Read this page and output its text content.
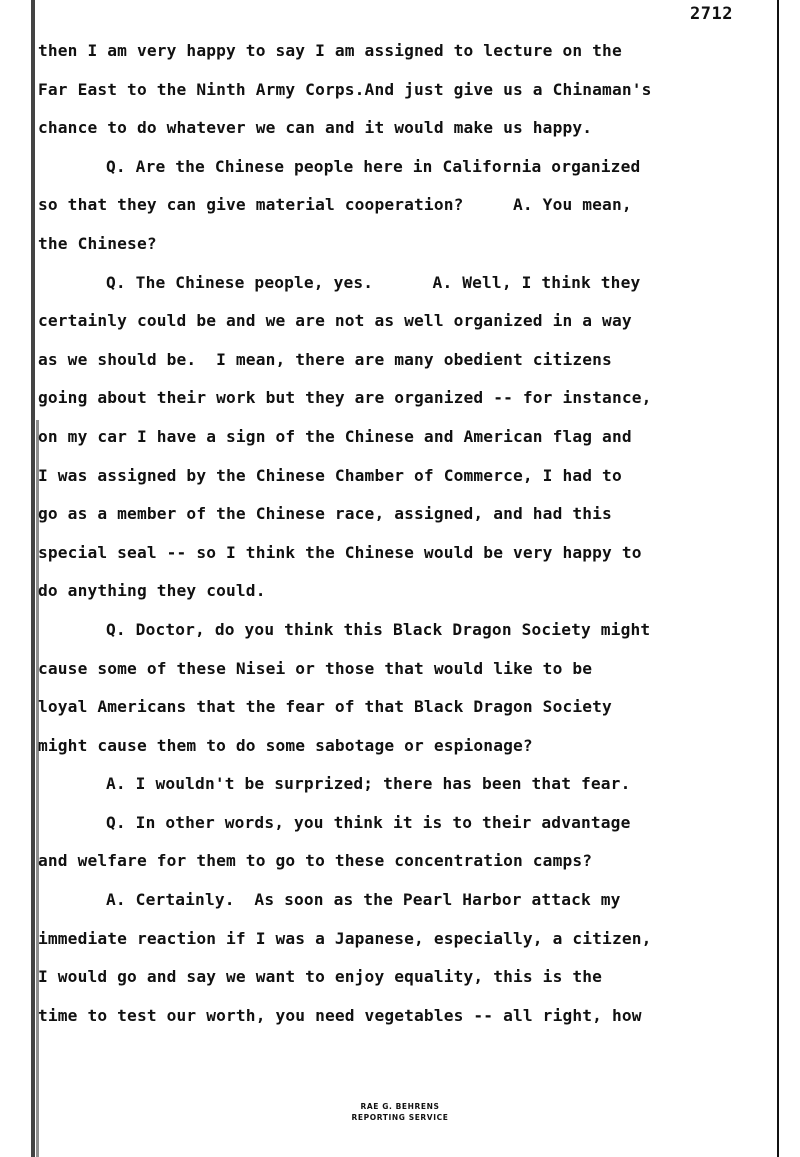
2712
then I am very happy to say I am assigned to lecture on the
Far East to the Ninth Army Corps.And just give us a Chinaman's
chance to do whatever we can and it would make us happy.
Q. Are the Chinese people here in California organized
so that they can give material cooperation?     A. You mean,
the Chinese?
Q. The Chinese people, yes.      A. Well, I think they
certainly could be and we are not as well organized in a way
as we should be.  I mean, there are many obedient citizens
going about their work but they are organized -- for instance,
on my car I have a sign of the Chinese and American flag and
I was assigned by the Chinese Chamber of Commerce, I had to
go as a member of the Chinese race, assigned, and had this
special seal -- so I think the Chinese would be very happy to
do anything they could.
Q. Doctor, do you think this Black Dragon Society might
cause some of these Nisei or those that would like to be
loyal Americans that the fear of that Black Dragon Society
might cause them to do some sabotage or espionage?
A. I wouldn't be surprized; there has been that fear.
Q. In other words, you think it is to their advantage
and welfare for them to go to these concentration camps?
A. Certainly.  As soon as the Pearl Harbor attack my
immediate reaction if I was a Japanese, especially, a citizen,
I would go and say we want to enjoy equality, this is the
time to test our worth, you need vegetables -- all right, how
RAE G. BEHRENS
REPORTING SERVICE
